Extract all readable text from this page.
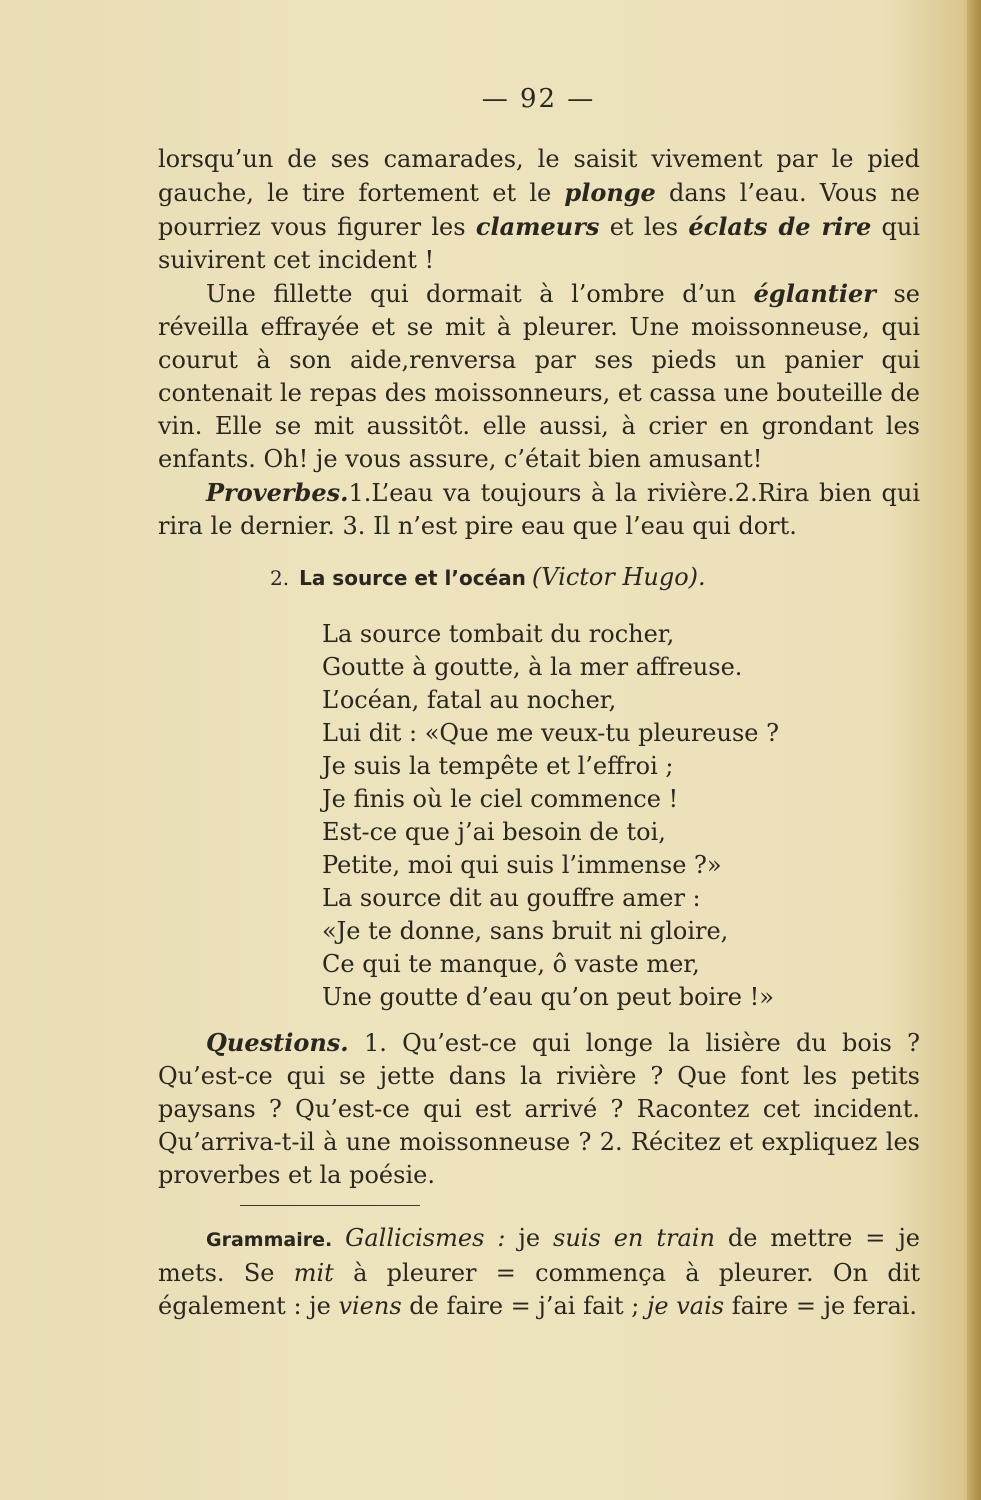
— 92 —

lorsqu’un de ses camarades, le saisit vivement par le pied gauche, le tire fortement et le plonge dans l’eau. Vous ne pourriez vous figurer les clameurs et les éclats de rire qui suivirent cet incident !

Une fillette qui dormait à l’ombre d’un églantier se réveilla effrayée et se mit à pleurer. Une moissonneuse, qui courut à son aide,renversa par ses pieds un panier qui contenait le repas des moissonneurs, et cassa une bouteille de vin. Elle se mit aussitôt. elle aussi, à crier en grondant les enfants. Oh! je vous assure, c’était bien amusant!

Proverbes.1.L’eau va toujours à la rivière.2.Rira bien qui rira le dernier. 3. Il n’est pire eau que l’eau qui dort.

2. La source et l’océan (Victor Hugo).
La source tombait du rocher,
Goutte à goutte, à la mer affreuse.
L’océan, fatal au nocher,
Lui dit : «Que me veux-tu pleureuse ?
Je suis la tempête et l’effroi ;
Je finis où le ciel commence !
Est-ce que j’ai besoin de toi,
Petite, moi qui suis l’immense ?»
La source dit au gouffre amer :
«Je te donne, sans bruit ni gloire,
Ce qui te manque, ô vaste mer,
Une goutte d’eau qu’on peut boire !»

Questions. 1. Qu’est-ce qui longe la lisière du bois ? Qu’est-ce qui se jette dans la rivière ? Que font les petits paysans ? Qu’est-ce qui est arrivé ? Racontez cet incident. Qu’arriva-t-il à une moissonneuse ? 2. Récitez et expliquez les proverbes et la poésie.

Grammaire. Gallicismes : je suis en train de mettre = je mets. Se mit à pleurer = commença à pleurer. On dit également : je viens de faire = j’ai fait ; je vais faire = je ferai.
